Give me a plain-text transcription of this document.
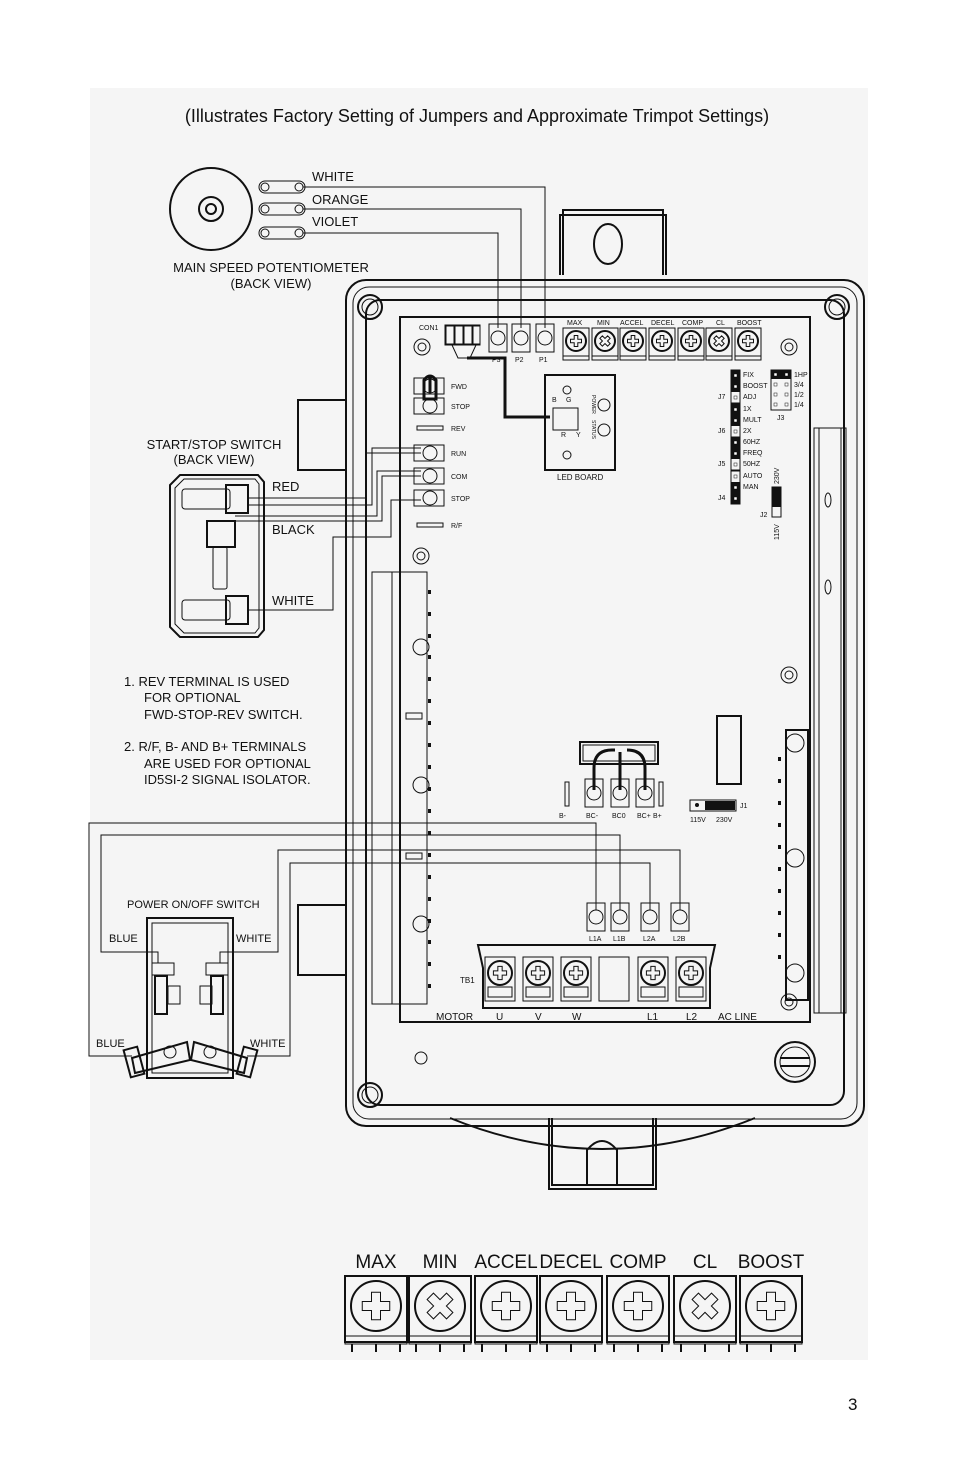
(Illustrates Factory Setting of Jumpers and Approximate Trimpot Settings)
CON1
P3 P2 P1
MAX MIN ACCEL DECEL COMP CL BOOST
FWD
STOP
REV
RUN
COM
STOP
R/F
B G
R Y
POWER
STATUS
LED BOARD
FIX
BOOST
ADJ
J7
1X
MULT
2X
J6
60HZ
FREQ
50HZ
J5
AUTO
MAN
J4
1HP
3/4
1/2
1/4
J3
J2
230V
115V
B-	BC- BC0 BC+ B+
J1
115V 230V
L1A L1B	L2A	L2B
TB1
MOTOR U	V	W	L1	L2 AC LINE
WHITE
ORANGE
VIOLET
MAIN SPEED POTENTIOMETER
(BACK VIEW)
START/STOP SWITCH
(BACK VIEW)
RED
BLACK
WHITE
1. REV TERMINAL IS USED
FOR OPTIONAL
FWD-STOP-REV SWITCH.
2. R/F, B- AND B+ TERMINALS
ARE USED FOR OPTIONAL
ID5SI-2 SIGNAL ISOLATOR.
POWER ON/OFF SWITCH
BLUE	WHITE
BLUE	WHITE
MAX MIN ACCEL DECEL COMP CL BOOST
3
